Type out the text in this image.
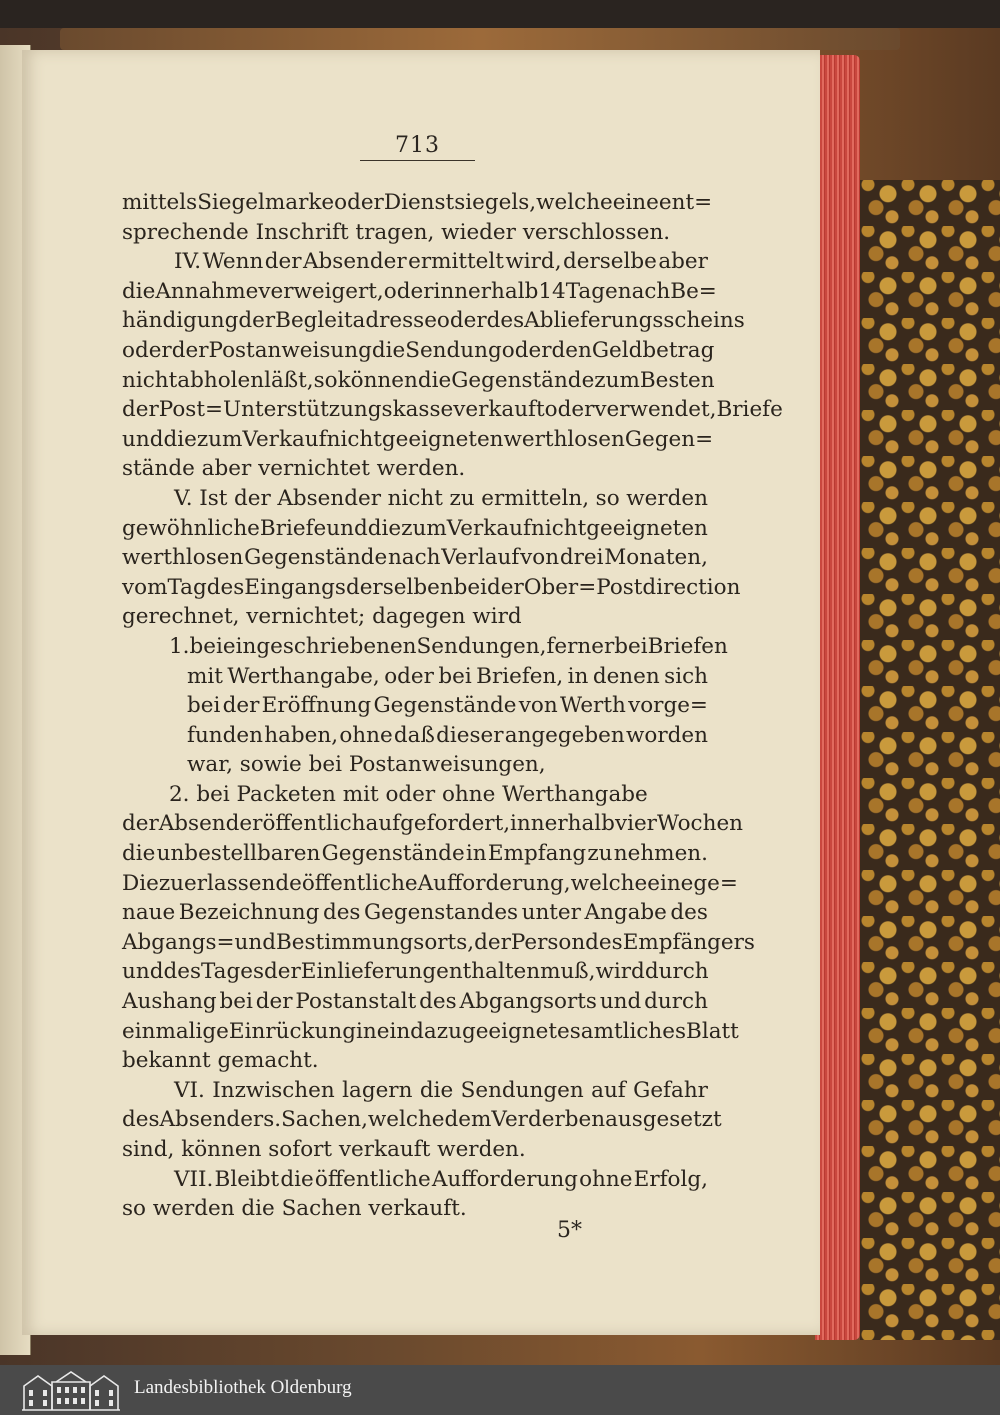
713
mittels Siegelmarke oder Dienstsiegels, welche eine ent=
sprechende Inschrift tragen, wieder verschlossen.
IV. Wenn der Absender ermittelt wird, derselbe aber
die Annahme verweigert, oder innerhalb 14 Tage nach Be=
händigung der Begleitadresse oder des Ablieferungsscheins
oder der Postanweisung die Sendung oder den Geldbetrag
nicht abholen läßt, so können die Gegenstände zum Besten
der Post=Unterstützungskasse verkauft oder verwendet, Briefe
und die zum Verkauf nicht geeigneten werthlosen Gegen=
stände aber vernichtet werden.
V. Ist der Absender nicht zu ermitteln, so werden
gewöhnliche Briefe und die zum Verkauf nicht geeigneten
werthlosen Gegenstände nach Verlauf von drei Monaten,
vom Tag des Eingangs derselben bei der Ober=Postdirection
gerechnet, vernichtet; dagegen wird
1. bei eingeschriebenen Sendungen, ferner bei Briefen
mit Werthangabe, oder bei Briefen, in denen sich
bei der Eröffnung Gegenstände von Werth vorge=
funden haben, ohne daß dieser angegeben worden
war, sowie bei Postanweisungen,
2. bei Packeten mit oder ohne Werthangabe
der Absender öffentlich aufgefordert, innerhalb vier Wochen
die unbestellbaren Gegenstände in Empfang zu nehmen.
Die zu erlassende öffentliche Aufforderung, welche eine ge=
naue Bezeichnung des Gegenstandes unter Angabe des
Abgangs= und Bestimmungsorts, der Person des Empfängers
und des Tages der Einlieferung enthalten muß, wird durch
Aushang bei der Postanstalt des Abgangsorts und durch
einmalige Einrückung in ein dazu geeignetes amtliches Blatt
bekannt gemacht.
VI. Inzwischen lagern die Sendungen auf Gefahr
des Absenders. Sachen, welche dem Verderben ausgesetzt
sind, können sofort verkauft werden.
VII. Bleibt die öffentliche Aufforderung ohne Erfolg,
so werden die Sachen verkauft.
5*
Landesbibliothek Oldenburg
